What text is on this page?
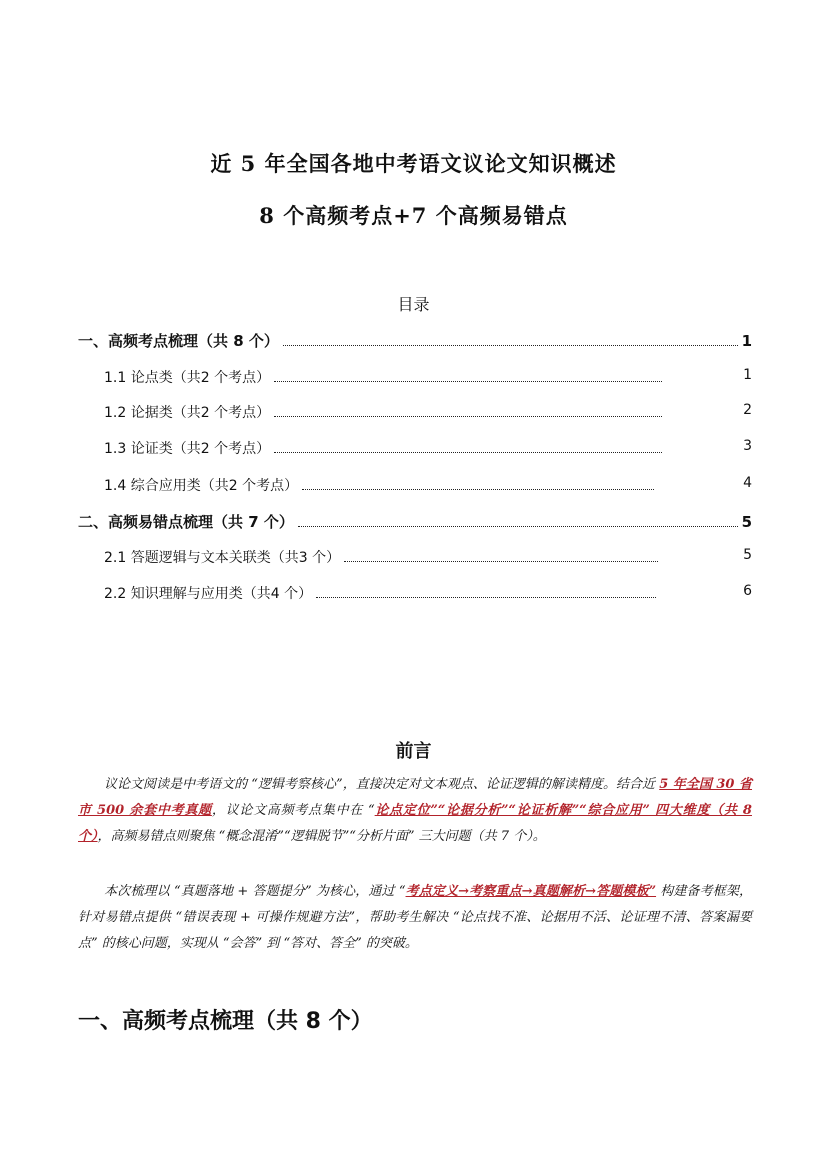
近 5 年全国各地中考语文议论文知识概述
8 个高频考点+7 个高频易错点
目录
一、高频考点梳理（共 8 个）	1
1.1 论点类（共2 个考点）	1
1.2 论据类（共2 个考点）	2
1.3 论证类（共2 个考点）	3
1.4 综合应用类（共2 个考点）	4
二、高频易错点梳理（共 7 个）	5
2.1 答题逻辑与文本关联类（共3 个）	5
2.2 知识理解与应用类（共4 个）	6
前言
议论文阅读是中考语文的 “逻辑考察核心”，直接决定对文本观点、论证逻辑的解读精度。结合近 5 年全国 30 省市 500 余套中考真题，议论文高频考点集中在 “论点定位”“论据分析”“论证析解”“综合应用” 四大维度（共 8 个），高频易错点则聚焦 “概念混淆”“逻辑脱节”“分析片面” 三大问题（共 7 个）。
本次梳理以 “真题落地 + 答题提分” 为核心，通过 “考点定义→考察重点→真题解析→答题模板” 构建备考框架，针对易错点提供 “错误表现 + 可操作规避方法”，帮助考生解决 “论点找不准、论据用不活、论证理不清、答案漏要点” 的核心问题，实现从 “会答” 到 “答对、答全” 的突破。
一、高频考点梳理（共 8 个）
